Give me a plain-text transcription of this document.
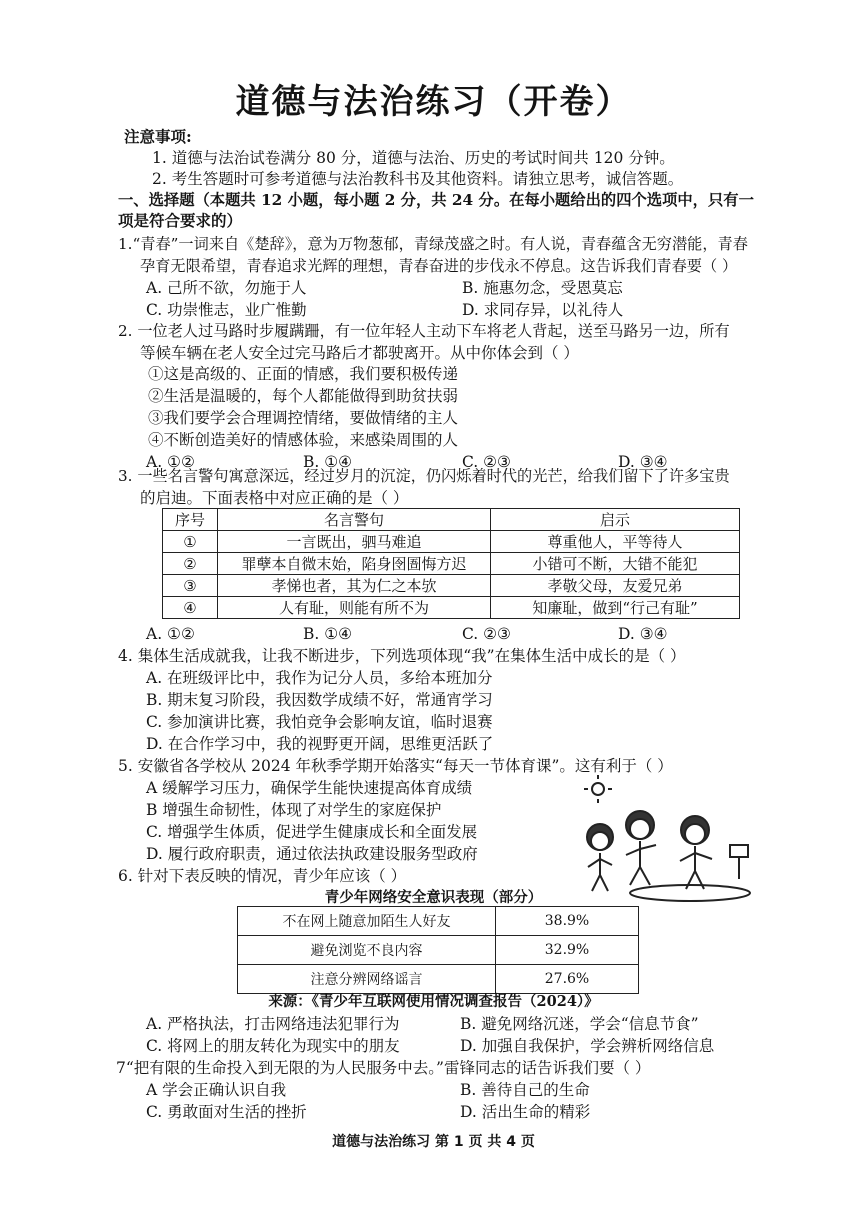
道德与法治练习（开卷）
注意事项:
1. 道德与法治试卷满分 80 分，道德与法治、历史的考试时间共 120 分钟。
2. 考生答题时可参考道德与法治教科书及其他资料。请独立思考，诚信答题。
一、选择题（本题共 12 小题，每小题 2 分，共 24 分。在每小题给出的四个选项中，只有一
项是符合要求的）
1.“青春”一词来自《楚辞》，意为万物葱郁，青绿茂盛之时。有人说，青春蕴含无穷潜能，青春
孕育无限希望，青春追求光辉的理想，青春奋进的步伐永不停息。这告诉我们青春要（ ）
A. 己所不欲，勿施于人	B. 施惠勿念，受恩莫忘
C. 功崇惟志，业广惟勤	D. 求同存异，以礼待人
2. 一位老人过马路时步履蹒跚，有一位年轻人主动下车将老人背起，送至马路另一边，所有
等候车辆在老人安全过完马路后才都驶离开。从中你体会到（ ）
①这是高级的、正面的情感，我们要积极传递
②生活是温暖的，每个人都能做得到助贫扶弱
③我们要学会合理调控情绪，要做情绪的主人
④不断创造美好的情感体验，来感染周围的人
A. ①②	B. ①④	C. ②③	D. ③④
3. 一些名言警句寓意深远，经过岁月的沉淀，仍闪烁着时代的光芒，给我们留下了许多宝贵
的启迪。下面表格中对应正确的是（ ）
序号	名言警句	启示
①	一言既出，驷马难追	尊重他人，平等待人
②	罪孽本自微末始，陷身囹圄悔方迟	小错可不断，大错不能犯
③	孝悌也者，其为仁之本欤	孝敬父母，友爱兄弟
④	人有耻，则能有所不为	知廉耻，做到“行己有耻”
A. ①②	B. ①④	C. ②③	D. ③④
4. 集体生活成就我，让我不断进步，下列选项体现“我”在集体生活中成长的是（ ）
A. 在班级评比中，我作为记分人员，多给本班加分
B. 期末复习阶段，我因数学成绩不好，常通宵学习
C. 参加演讲比赛，我怕竞争会影响友谊，临时退赛
D. 在合作学习中，我的视野更开阔，思维更活跃了
5. 安徽省各学校从 2024 年秋季学期开始落实“每天一节体育课”。这有利于（ ）
A 缓解学习压力，确保学生能快速提高体育成绩
B 增强生命韧性，体现了对学生的家庭保护
C. 增强学生体质，促进学生健康成长和全面发展
D. 履行政府职责，通过依法执政建设服务型政府
6. 针对下表反映的情况，青少年应该（ ）
青少年网络安全意识表现（部分）
不在网上随意加陌生人好友	38.9%
避免浏览不良内容	32.9%
注意分辨网络谣言	27.6%
来源：《青少年互联网使用情况调查报告（2024）》
A. 严格执法，打击网络违法犯罪行为	B. 避免网络沉迷，学会“信息节食”
C. 将网上的朋友转化为现实中的朋友	D. 加强自我保护，学会辨析网络信息
7“把有限的生命投入到无限的为人民服务中去。”雷锋同志的话告诉我们要（ ）
A 学会正确认识自我	B. 善待自己的生命
C. 勇敢面对生活的挫折	D. 活出生命的精彩
道德与法治练习 第 1 页 共 4 页
